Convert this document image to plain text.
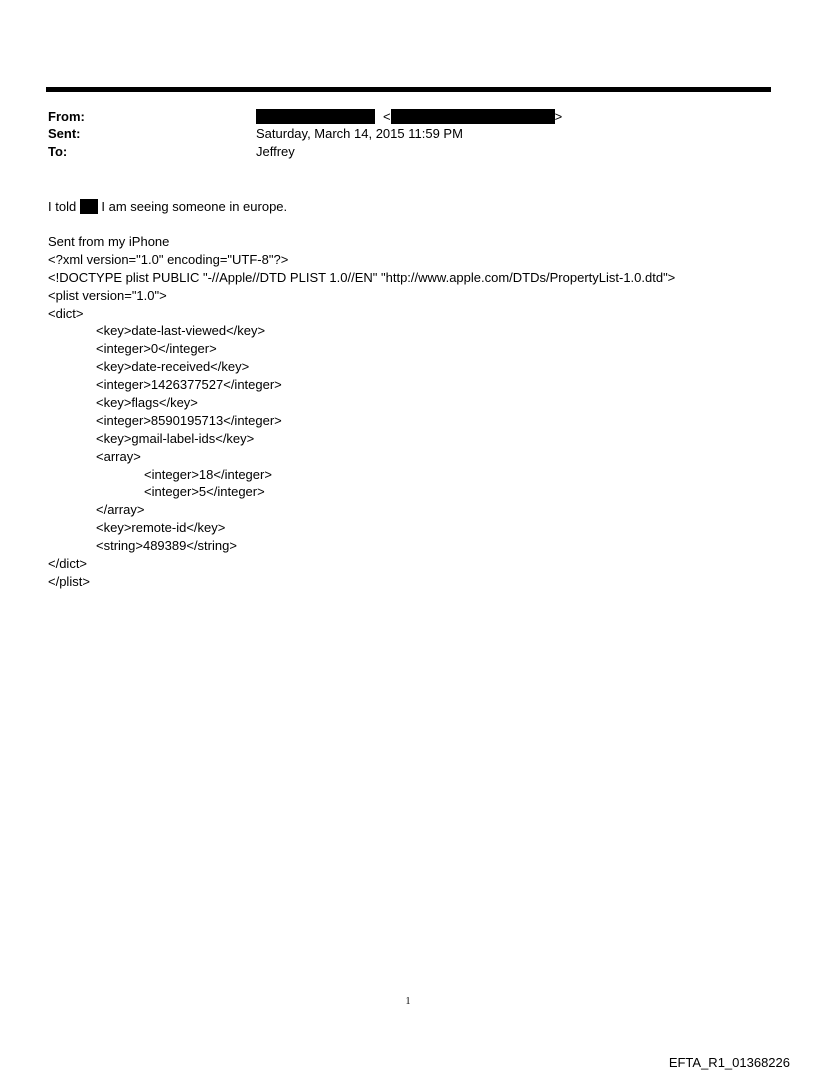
From:	<	>
Sent:	Saturday, March 14, 2015 11:59 PM
To:	Jeffrey
I told  I am seeing someone in europe.
Sent from my iPhone
<?xml version="1.0" encoding="UTF-8"?>
<!DOCTYPE plist PUBLIC "-//Apple//DTD PLIST 1.0//EN" "http://www.apple.com/DTDs/PropertyList-1.0.dtd">
<plist version="1.0">
<dict>
<key>date-last-viewed</key>
<integer>0</integer>
<key>date-received</key>
<integer>1426377527</integer>
<key>flags</key>
<integer>8590195713</integer>
<key>gmail-label-ids</key>
<array>
<integer>18</integer>
<integer>5</integer>
</array>
<key>remote-id</key>
<string>489389</string>
</dict>
</plist>
1
EFTA_R1_01368226
